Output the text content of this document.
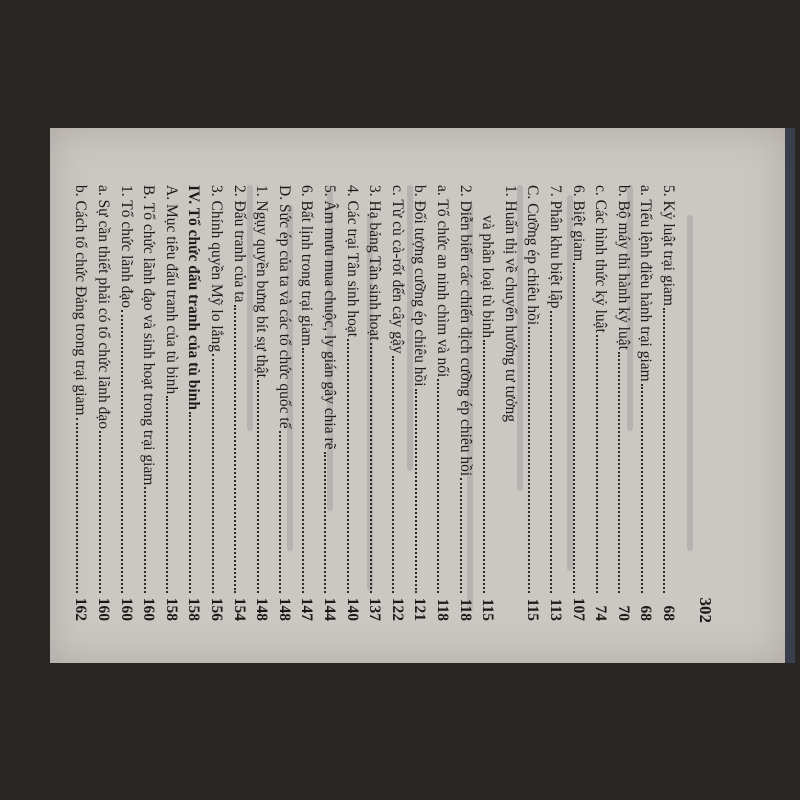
302
5. Kỷ luật trại giam
68
a. Tiểu lệnh điều hành trại giam
68
b. Bộ máy thi hành kỷ luật
70
c. Các hình thức kỷ luật
74
6. Biệt giam
107
7. Phân khu biệt lập
113
C. Cưỡng ép chiêu hồi
115
1. Huấn thị về chuyển hướng tư tưởng
và phân loại tù binh
115
2. Diễn biến các chiến dịch cưỡng ép chiêu hồi
118
a. Tổ chức an ninh chìm và nổi
118
b. Đối tượng cưỡng ép chiêu hồi
121
c. Từ cù cà-rốt đến cây gậy
122
3. Hạ bảng Tân sinh hoạt
137
4. Các trại Tân sinh hoạt
140
5. Âm mưu mua chuộc, ly gián gây chia rẽ
144
6. Bất lịnh trong trại giam
147
D. Sức ép của ta và các tổ chức quốc tế
148
1. Ngụy quyền bưng bít sự thật
148
2. Đấu tranh của ta
154
3. Chính quyền Mỹ lo lắng
156
IV. Tổ chức đấu tranh của tù binh
158
A. Mục tiêu đấu tranh của tù binh
158
B. Tổ chức lãnh đạo và sinh hoạt trong trại giam
160
1. Tổ chức lãnh đạo
160
a. Sự cần thiết phải có tổ chức lãnh đạo
160
b. Cách tổ chức Đảng trong trại giam
162
